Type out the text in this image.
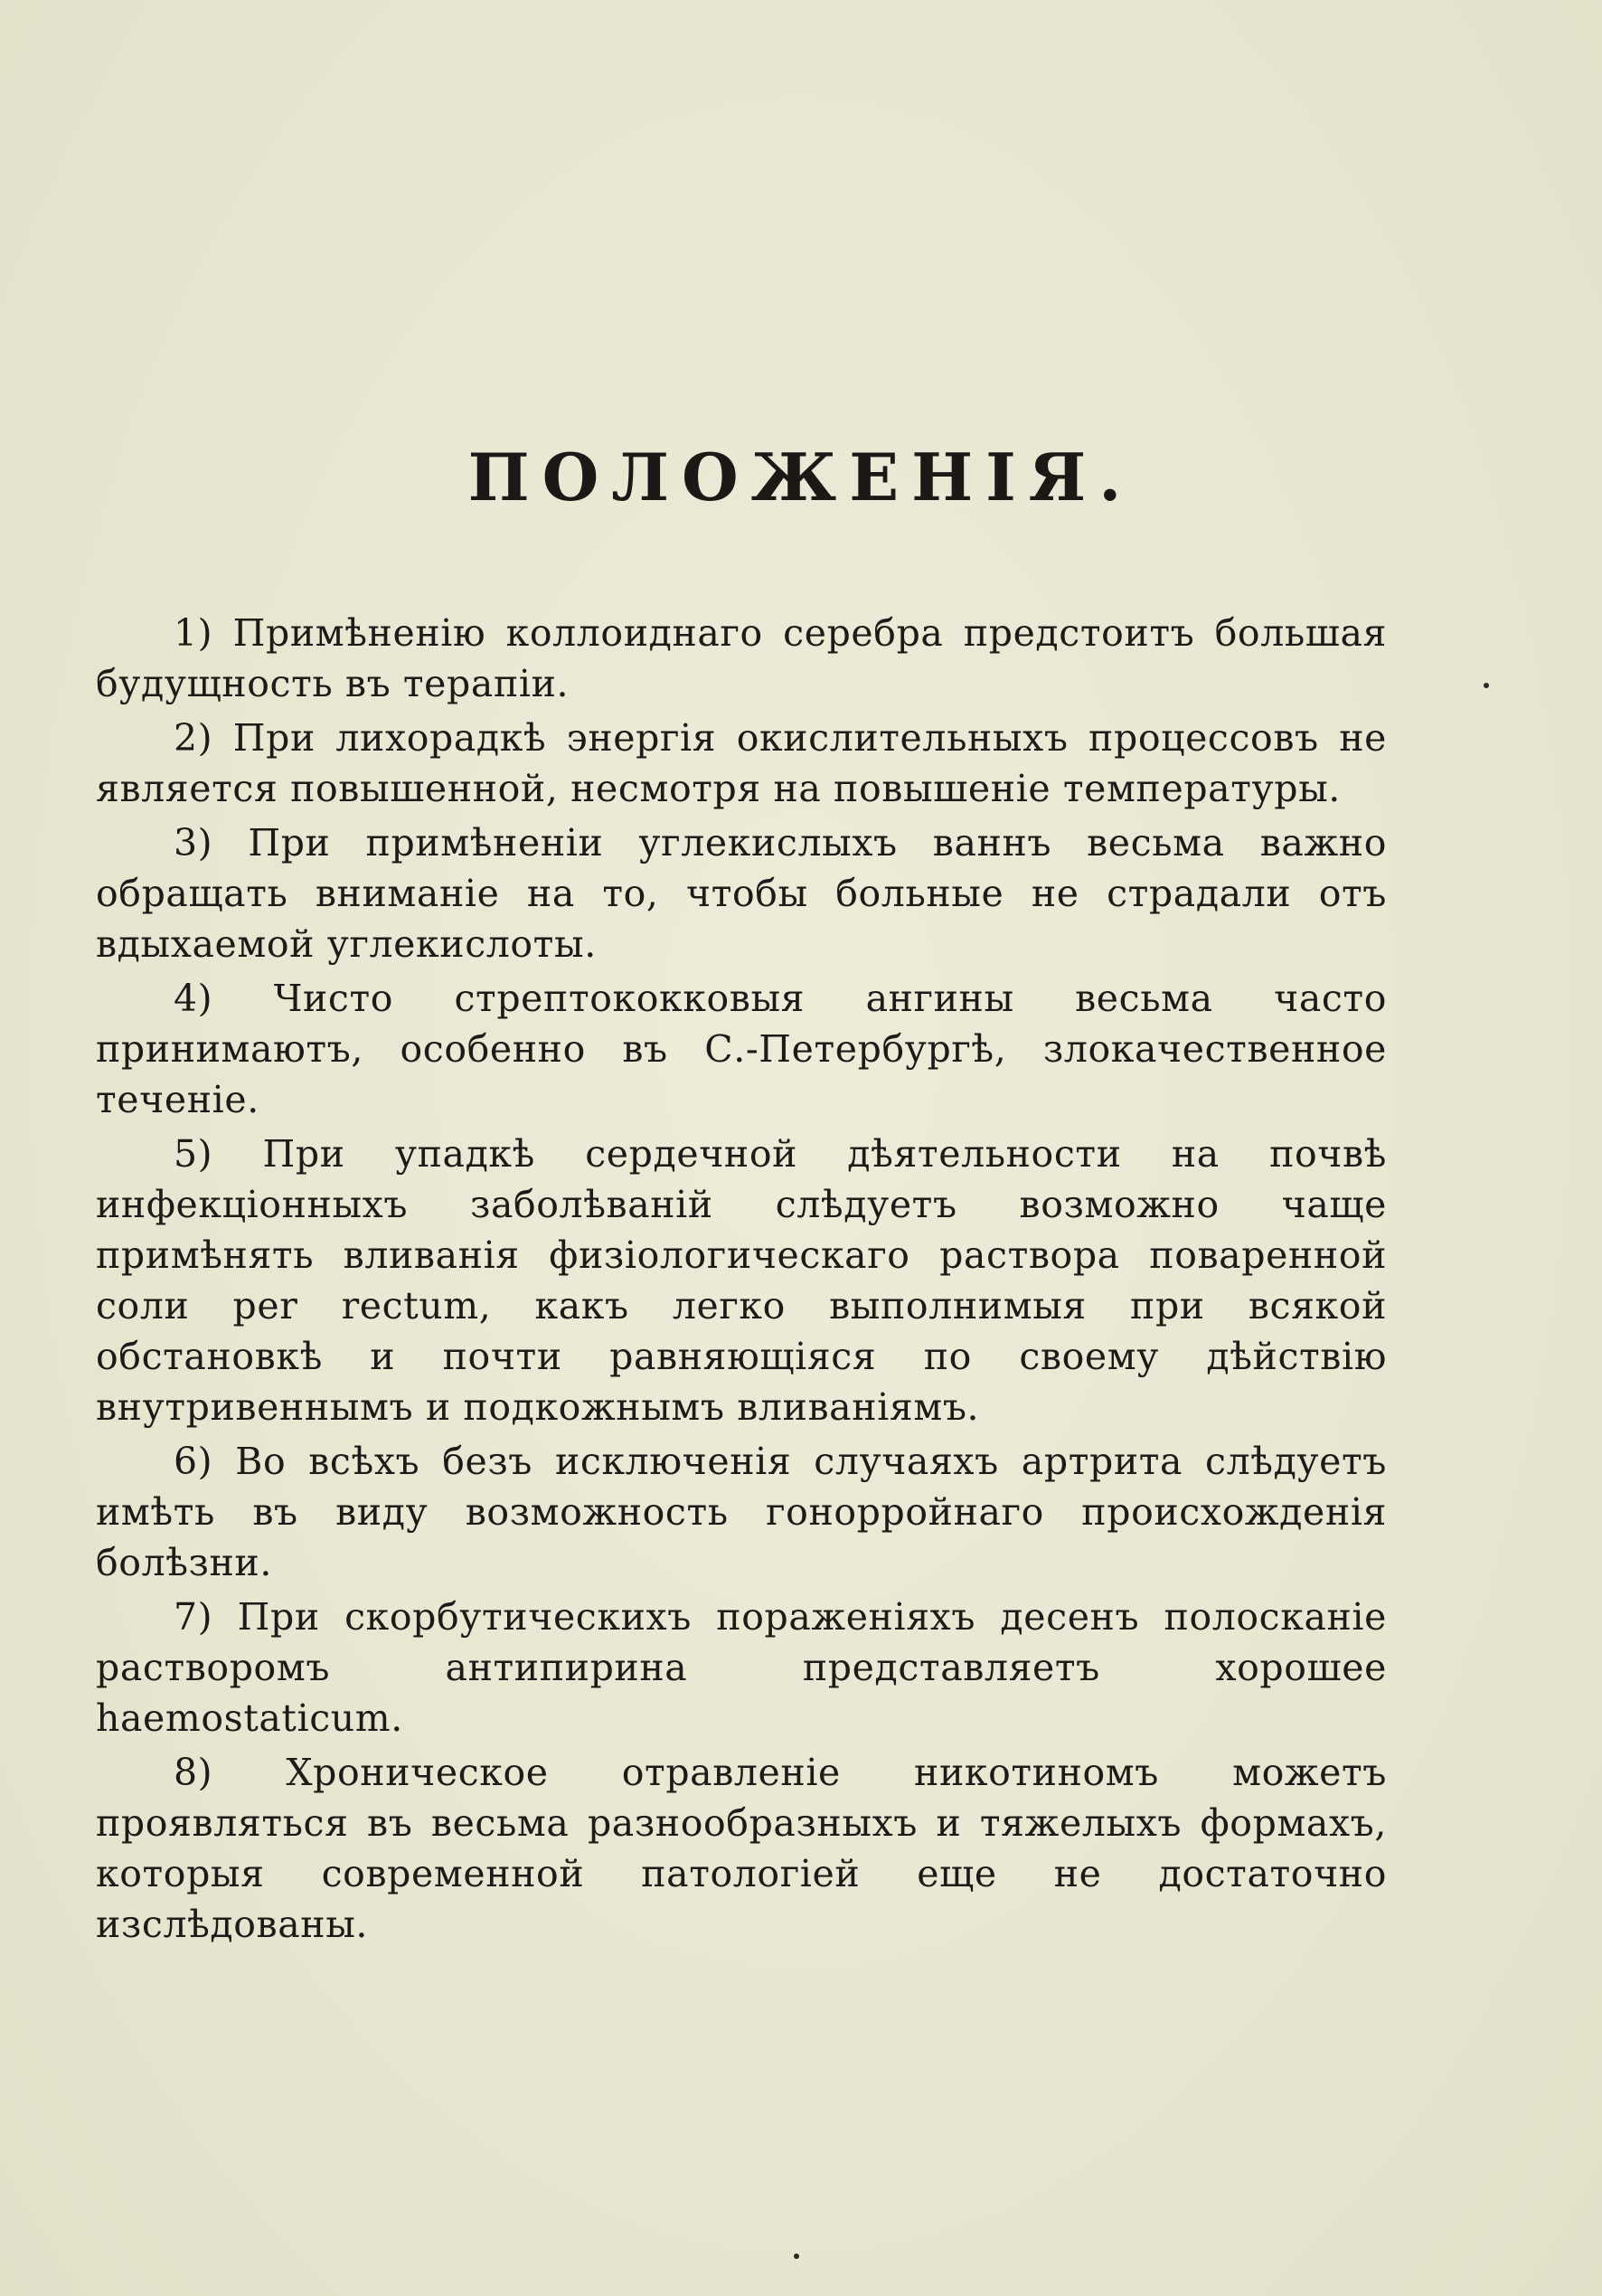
ПОЛОЖЕНІЯ.

1) Примѣненію коллоиднаго серебра предстоитъ большая будущность въ терапіи.

2) При лихорадкѣ энергія окислительныхъ процессовъ не является повышенной, несмотря на повышеніе температуры.

3) При примѣненіи углекислыхъ ваннъ весьма важно обращать вниманіе на то, чтобы больные не страдали отъ вдыхаемой углекислоты.

4) Чисто стрептококковыя ангины весьма часто принимаютъ, особенно въ С.-Петербургѣ, злокачественное теченіе.

5) При упадкѣ сердечной дѣятельности на почвѣ инфекціонныхъ заболѣваній слѣдуетъ возможно чаще примѣнять вливанія физіологическаго раствора поваренной соли per rectum, какъ легко выполнимыя при всякой обстановкѣ и почти равняющіяся по своему дѣйствію внутривеннымъ и подкожнымъ вливаніямъ.

6) Во всѣхъ безъ исключенія случаяхъ артрита слѣдуетъ имѣть въ виду возможность гонорройнаго происхожденія болѣзни.

7) При скорбутическихъ пораженіяхъ десенъ полосканіе растворомъ антипирина представляетъ хорошее haemostaticum.

8) Хроническое отравленіе никотиномъ можетъ проявляться въ весьма разнообразныхъ и тяжелыхъ формахъ, которыя современной патологіей еще не достаточно изслѣдованы.
